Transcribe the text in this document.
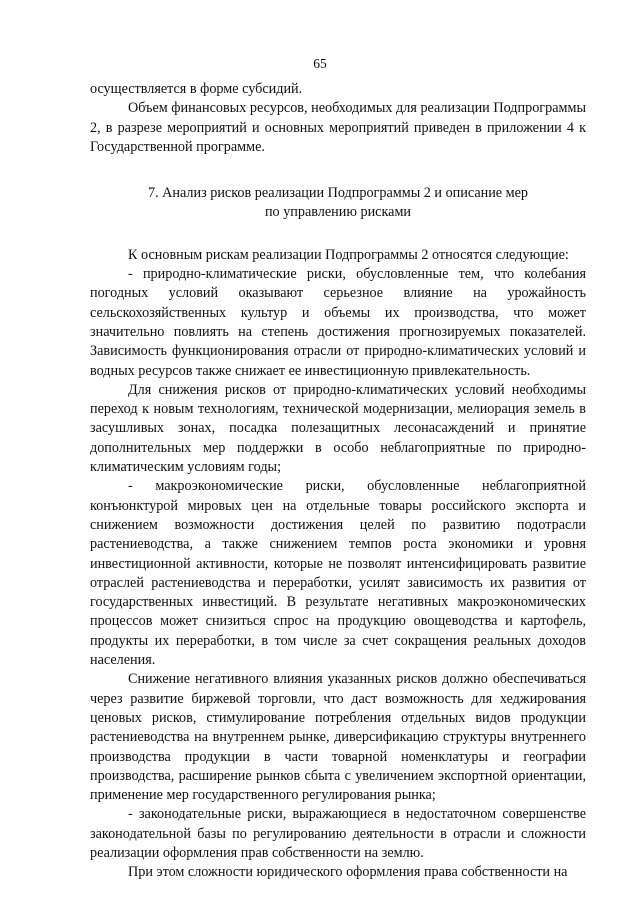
65

осуществляется в форме субсидий.

Объем финансовых ресурсов, необходимых для реализации Подпрограммы 2, в разрезе мероприятий и основных мероприятий приведен в приложении 4 к Государственной программе.

7. Анализ рисков реализации Подпрограммы 2 и описание мер
по управлению рисками

К основным рискам реализации Подпрограммы 2 относятся следующие:

- природно-климатические риски, обусловленные тем, что колебания погодных условий оказывают серьезное влияние на урожайность сельскохозяйственных культур и объемы их производства, что может значительно повлиять на степень достижения прогнозируемых показателей. Зависимость функционирования отрасли от природно-климатических условий и водных ресурсов также снижает ее инвестиционную привлекательность.

Для снижения рисков от природно-климатических условий необходимы переход к новым технологиям, технической модернизации, мелиорация земель в засушливых зонах, посадка полезащитных лесонасаждений и принятие дополнительных мер поддержки в особо неблагоприятные по природно-климатическим условиям годы;

- макроэкономические риски, обусловленные неблагоприятной конъюнктурой мировых цен на отдельные товары российского экспорта и снижением возможности достижения целей по развитию подотрасли растениеводства, а также снижением темпов роста экономики и уровня инвестиционной активности, которые не позволят интенсифицировать развитие отраслей растениеводства и переработки, усилят зависимость их развития от государственных инвестиций. В результате негативных макроэкономических процессов может снизиться спрос на продукцию овощеводства и картофель, продукты их переработки, в том числе за счет сокращения реальных доходов населения.

Снижение негативного влияния указанных рисков должно обеспечиваться через развитие биржевой торговли, что даст возможность для хеджирования ценовых рисков, стимулирование потребления отдельных видов продукции растениеводства на внутреннем рынке, диверсификацию структуры внутреннего производства продукции в части товарной номенклатуры и географии производства, расширение рынков сбыта с увеличением экспортной ориентации, применение мер государственного регулирования рынка;

- законодательные риски, выражающиеся в недостаточном совершенстве законодательной базы по регулированию деятельности в отрасли и сложности реализации оформления прав собственности на землю.

При этом сложности юридического оформления права собственности на
